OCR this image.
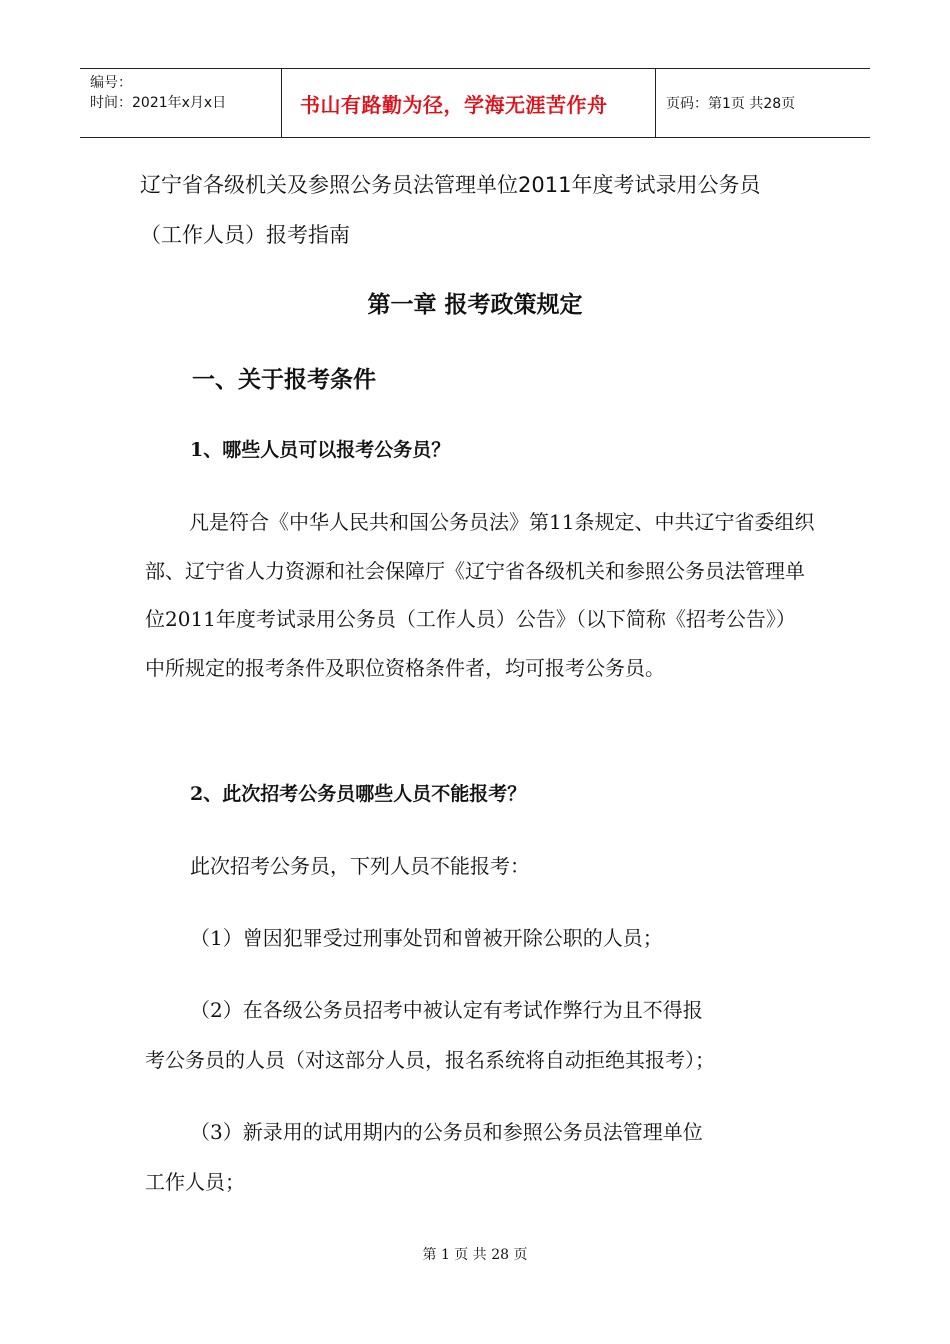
编号：
时间：2021年x月x日	书山有路勤为径，学海无涯苦作舟	页码：第1页 共28页
辽宁省各级机关及参照公务员法管理单位2011年度考试录用公务员
（工作人员）报考指南
第一章 报考政策规定
一、关于报考条件
1、哪些人员可以报考公务员？
凡是符合《中华人民共和国公务员法》第11条规定、中共辽宁省委组织部、辽宁省人力资源和社会保障厅《辽宁省各级机关和参照公务员法管理单位2011年度考试录用公务员（工作人员）公告》（以下简称《招考公告》）中所规定的报考条件及职位资格条件者，均可报考公务员。
2、此次招考公务员哪些人员不能报考？
此次招考公务员，下列人员不能报考：
（1）曾因犯罪受过刑事处罚和曾被开除公职的人员；
（2）在各级公务员招考中被认定有考试作弊行为且不得报
考公务员的人员（对这部分人员，报名系统将自动拒绝其报考）；
（3）新录用的试用期内的公务员和参照公务员法管理单位
工作人员；
第 1 页 共 28 页
